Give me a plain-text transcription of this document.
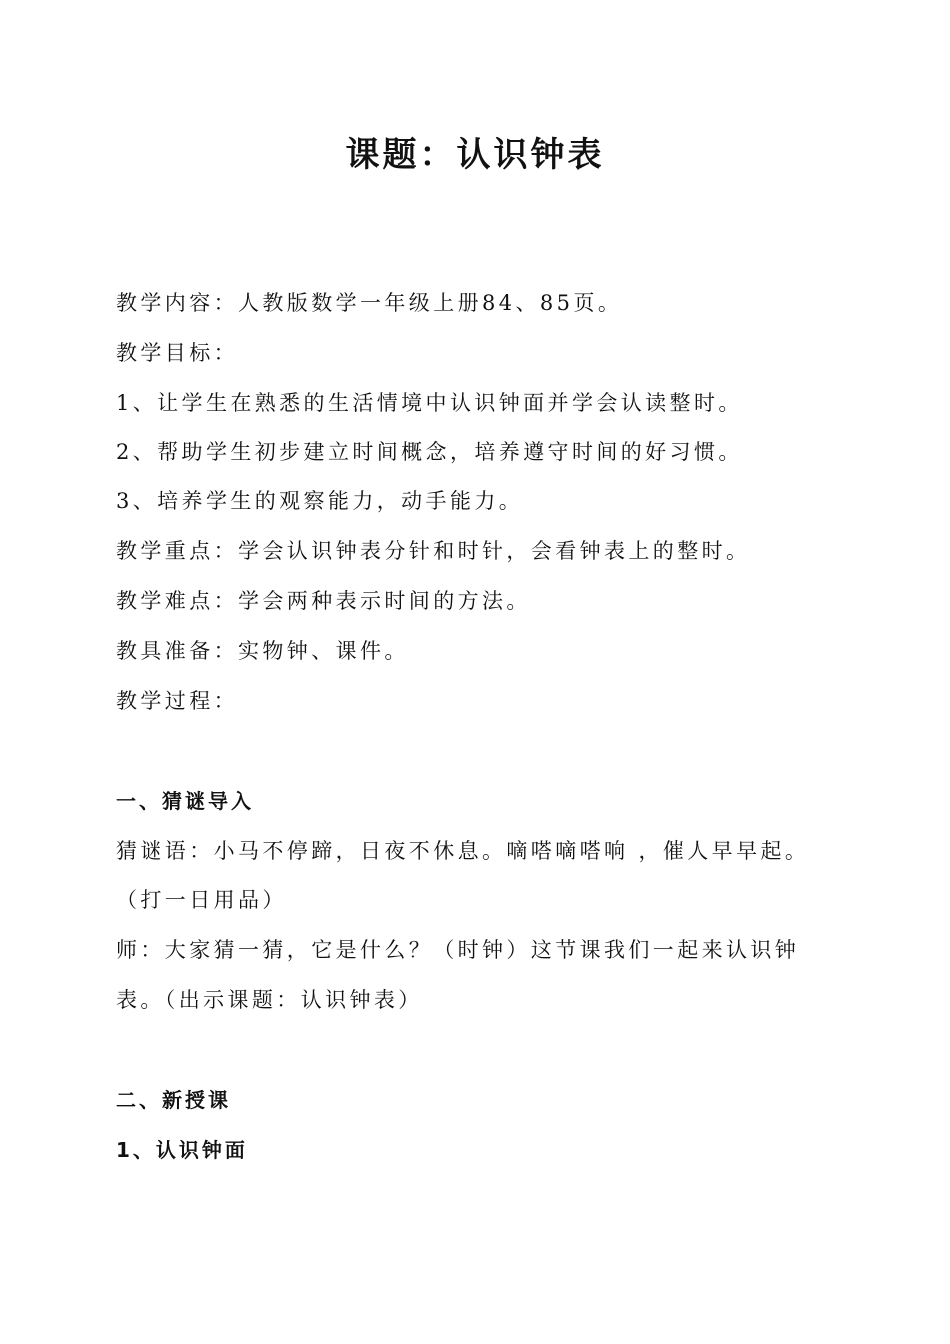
课题：认识钟表
教学内容：人教版数学一年级上册84、85页。
教学目标：
1、让学生在熟悉的生活情境中认识钟面并学会认读整时。
2、帮助学生初步建立时间概念，培养遵守时间的好习惯。
3、培养学生的观察能力，动手能力。
教学重点：学会认识钟表分针和时针，会看钟表上的整时。
教学难点：学会两种表示时间的方法。
教具准备：实物钟、课件。
教学过程：
一、猜谜导入
猜谜语：小马不停蹄，日夜不休息。嘀嗒嘀嗒响 ，催人早早起。
（打一日用品）
师：大家猜一猜，它是什么？（时钟）这节课我们一起来认识钟
表。（出示课题：认识钟表）
二、新授课
1、认识钟面
